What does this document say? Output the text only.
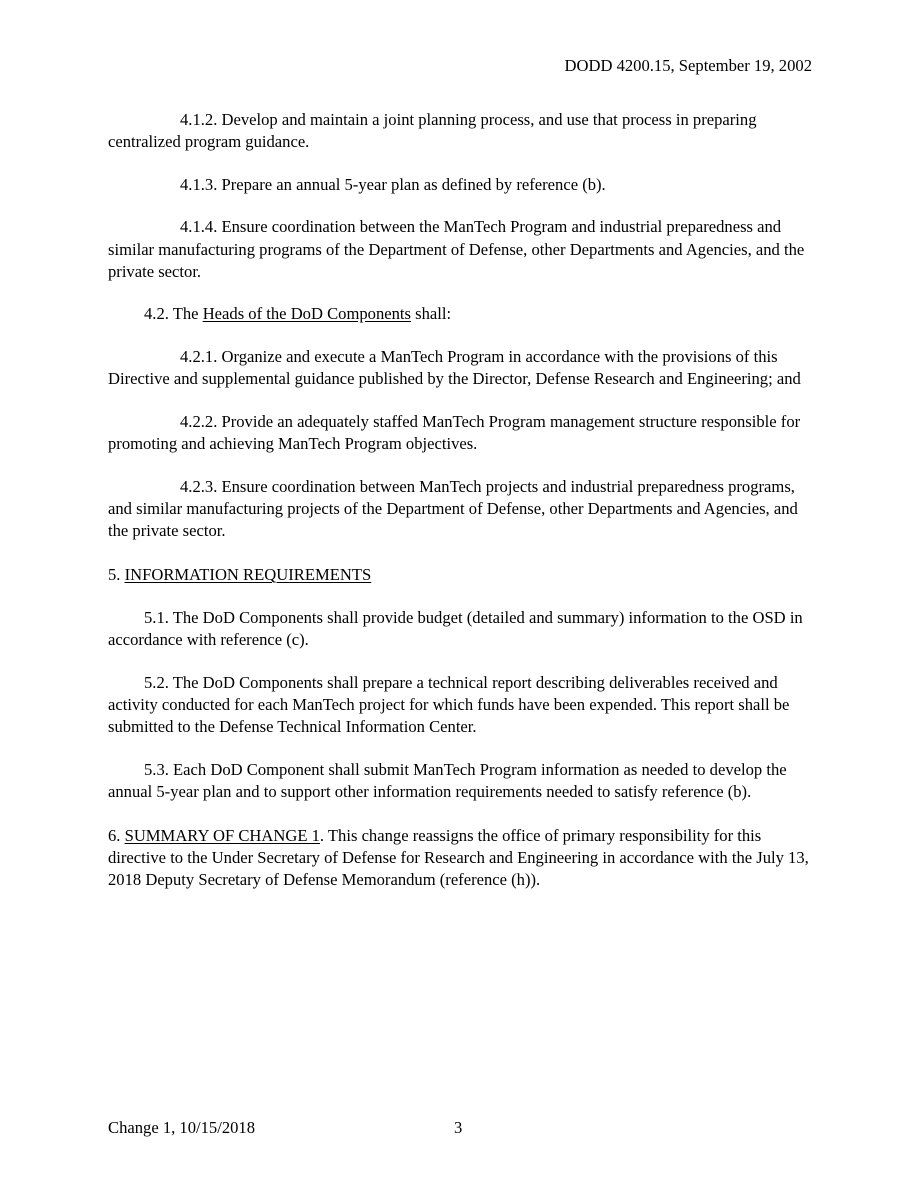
DODD 4200.15, September 19, 2002

4.1.2. Develop and maintain a joint planning process, and use that process in preparing centralized program guidance.

4.1.3. Prepare an annual 5-year plan as defined by reference (b).

4.1.4. Ensure coordination between the ManTech Program and industrial preparedness and similar manufacturing programs of the Department of Defense, other Departments and Agencies, and the private sector.

4.2. The Heads of the DoD Components shall:

4.2.1. Organize and execute a ManTech Program in accordance with the provisions of this Directive and supplemental guidance published by the Director, Defense Research and Engineering; and

4.2.2. Provide an adequately staffed ManTech Program management structure responsible for promoting and achieving ManTech Program objectives.

4.2.3. Ensure coordination between ManTech projects and industrial preparedness programs, and similar manufacturing projects of the Department of Defense, other Departments and Agencies, and the private sector.

5. INFORMATION REQUIREMENTS

5.1. The DoD Components shall provide budget (detailed and summary) information to the OSD in accordance with reference (c).

5.2. The DoD Components shall prepare a technical report describing deliverables received and activity conducted for each ManTech project for which funds have been expended. This report shall be submitted to the Defense Technical Information Center.

5.3. Each DoD Component shall submit ManTech Program information as needed to develop the annual 5-year plan and to support other information requirements needed to satisfy reference (b).

6. SUMMARY OF CHANGE 1. This change reassigns the office of primary responsibility for this directive to the Under Secretary of Defense for Research and Engineering in accordance with the July 13, 2018 Deputy Secretary of Defense Memorandum (reference (h)).

Change 1, 10/15/2018	3
